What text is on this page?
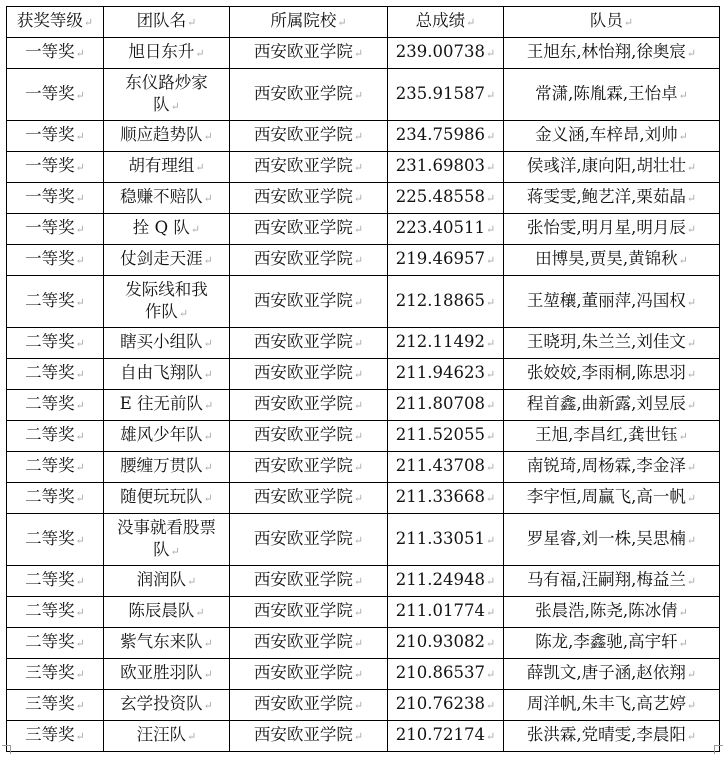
获奖等级 ↵	团队名 ↵	所属院校 ↵	总成绩 ↵	队员 ↵
一等奖 ↵	旭日东升 ↵	西安欧亚学院 ↵	239.00738 ↵	王旭东,林怡翔,徐奥宸 ↵
一等奖 ↵	东仪路炒家队 ↵	西安欧亚学院 ↵	235.91587 ↵	常潇,陈胤霖,王怡卓 ↵
一等奖 ↵	顺应趋势队 ↵	西安欧亚学院 ↵	234.75986 ↵	金义涵,车梓昂,刘帅 ↵
一等奖 ↵	胡有理组 ↵	西安欧亚学院 ↵	231.69803 ↵	侯彧洋,康向阳,胡壮壮 ↵
一等奖 ↵	稳赚不赔队 ↵	西安欧亚学院 ↵	225.48558 ↵	蒋雯雯,鲍艺洋,栗茹晶 ↵
一等奖 ↵	拴 Q 队 ↵	西安欧亚学院 ↵	223.40511 ↵	张怡雯,明月星,明月辰 ↵
一等奖 ↵	仗剑走天涯 ↵	西安欧亚学院 ↵	219.46957 ↵	田博昊,贾昊,黄锦秋 ↵
二等奖 ↵	发际线和我作队 ↵	西安欧亚学院 ↵	212.18865 ↵	王堃穰,董丽萍,冯国权 ↵
二等奖 ↵	瞎买小组队 ↵	西安欧亚学院 ↵	212.11492 ↵	王晓玥,朱兰兰,刘佳文 ↵
二等奖 ↵	自由飞翔队 ↵	西安欧亚学院 ↵	211.94623 ↵	张姣姣,李雨桐,陈思羽 ↵
二等奖 ↵	E 往无前队 ↵	西安欧亚学院 ↵	211.80708 ↵	程首鑫,曲新露,刘昱辰 ↵
二等奖 ↵	雄风少年队 ↵	西安欧亚学院 ↵	211.52055 ↵	王旭,李昌红,龚世钰 ↵
二等奖 ↵	腰缠万贯队 ↵	西安欧亚学院 ↵	211.43708 ↵	南锐琦,周杨霖,李金泽 ↵
二等奖 ↵	随便玩玩队 ↵	西安欧亚学院 ↵	211.33668 ↵	李宇恒,周赢飞,高一帆 ↵
二等奖 ↵	没事就看股票队 ↵	西安欧亚学院 ↵	211.33051 ↵	罗星睿,刘一株,吴思楠 ↵
二等奖 ↵	润润队 ↵	西安欧亚学院 ↵	211.24948 ↵	马有福,汪嗣翔,梅益兰 ↵
二等奖 ↵	陈辰晨队 ↵	西安欧亚学院 ↵	211.01774 ↵	张晨浩,陈尧,陈冰倩 ↵
二等奖 ↵	紫气东来队 ↵	西安欧亚学院 ↵	210.93082 ↵	陈龙,李鑫驰,高宇轩 ↵
三等奖 ↵	欧亚胜羽队 ↵	西安欧亚学院 ↵	210.86537 ↵	薛凯文,唐子涵,赵依翔 ↵
三等奖 ↵	玄学投资队 ↵	西安欧亚学院 ↵	210.76238 ↵	周洋帆,朱丰飞,高艺婷 ↵
三等奖 ↵	汪汪队 ↵	西安欧亚学院 ↵	210.72174 ↵	张洪霖,党晴雯,李晨阳 ↵
